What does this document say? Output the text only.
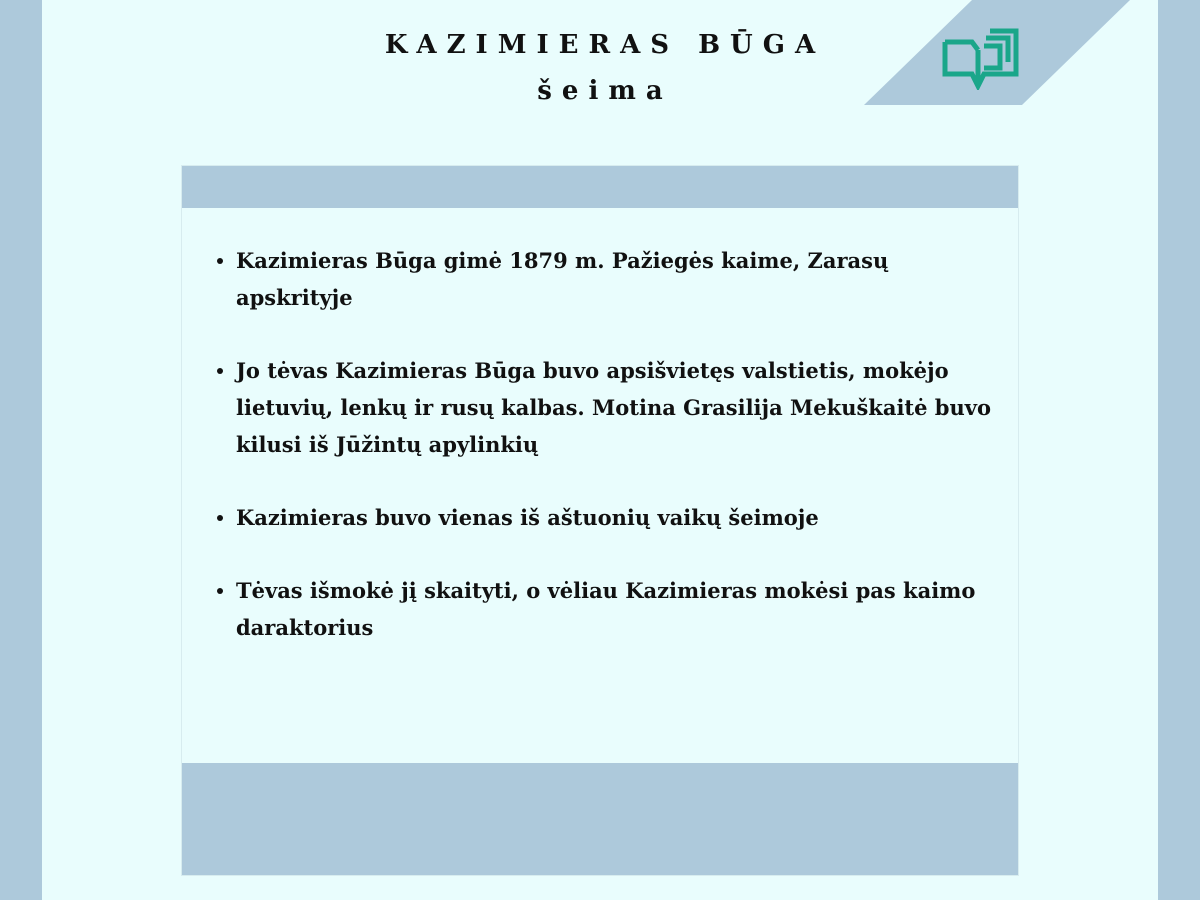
KAZIMIERAS BŪGA
šeima
Kazimieras Būga gimė 1879 m. Pažiegės kaime, Zarasų apskrityje
Jo tėvas Kazimieras Būga buvo apsišvietęs valstietis, mokėjo lietuvių, lenkų ir rusų kalbas. Motina Grasilija Mekuškaitė buvo kilusi iš Jūžintų apylinkių
Kazimieras buvo vienas iš aštuonių vaikų šeimoje
Tėvas išmokė jį skaityti, o vėliau Kazimieras mokėsi pas kaimo daraktorius
